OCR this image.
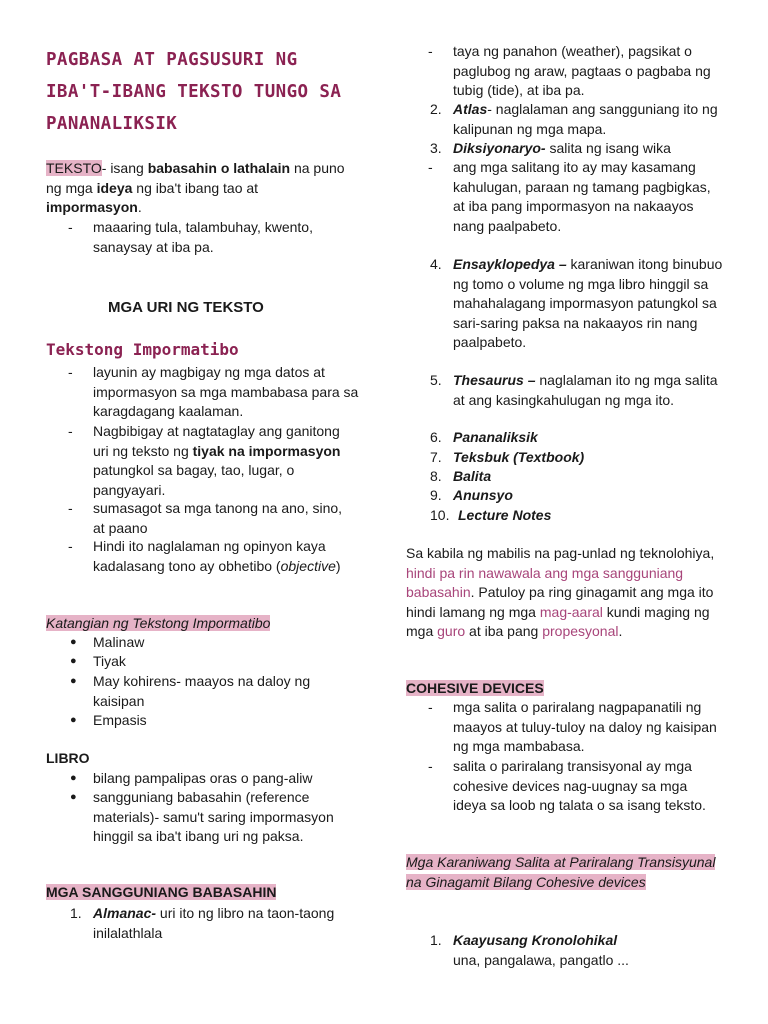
PAGBASA AT PAGSUSURI NG IBA'T-IBANG TEKSTO TUNGO SA PANANALIKSIK
TEKSTO- isang babasahin o lathalain na puno ng mga ideya ng iba't ibang tao at impormasyon.
- maaaring tula, talambuhay, kwento, sanaysay at iba pa.
MGA URI NG TEKSTO
Tekstong Impormatibo
- layunin ay magbigay ng mga datos at impormasyon sa mga mambabasa para sa karagdagang kaalaman.
- Nagbibigay at nagtataglay ang ganitong uri ng teksto ng tiyak na impormasyon patungkol sa bagay, tao, lugar, o pangyayari.
- sumasagot sa mga tanong na ano, sino, at paano
- Hindi ito naglalaman ng opinyon kaya kadalasang tono ay obhetibo (objective)
Katangian ng Tekstong Impormatibo
● Malinaw
● Tiyak
● May kohirens- maayos na daloy ng kaisipan
● Empasis
LIBRO
● bilang pampalipas oras o pang-aliw
● sangguniang babasahin (reference materials)- samu't saring impormasyon hinggil sa iba't ibang uri ng paksa.
MGA SANGGUNIANG BABASAHIN
1. Almanac- uri ito ng libro na taon-taong inilalathlala
- taya ng panahon (weather), pagsikat o paglubog ng araw, pagtaas o pagbaba ng tubig (tide), at iba pa.
2. Atlas- naglalaman ang sangguniang ito ng kalipunan ng mga mapa.
3. Diksiyonaryo- salita ng isang wika
- ang mga salitang ito ay may kasamang kahulugan, paraan ng tamang pagbigkas, at iba pang impormasyon na nakaayos nang paalpabeto.
4. Ensayklopedya – karaniwan itong binubuo ng tomo o volume ng mga libro hinggil sa mahahalagang impormasyon patungkol sa sari-saring paksa na nakaayos rin nang paalpabeto.
5. Thesaurus – naglalaman ito ng mga salita at ang kasingkahulugan ng mga ito.
6. Pananaliksik
7. Teksbuk (Textbook)
8. Balita
9. Anunsyo
10. Lecture Notes
Sa kabila ng mabilis na pag-unlad ng teknolohiya, hindi pa rin nawawala ang mga sangguniang babasahin. Patuloy pa ring ginagamit ang mga ito hindi lamang ng mga mag-aaral kundi maging ng mga guro at iba pang propesyonal.
COHESIVE DEVICES
- mga salita o pariralang nagpapanatili ng maayos at tuluy-tuloy na daloy ng kaisipan ng mga mambabasa.
- salita o pariralang transisyonal ay mga cohesive devices nag-uugnay sa mga ideya sa loob ng talata o sa isang teksto.
Mga Karaniwang Salita at Pariralang Transisyunal na Ginagamit Bilang Cohesive devices
1. Kaayusang Kronolohikal
una, pangalawa, pangatlo ...
